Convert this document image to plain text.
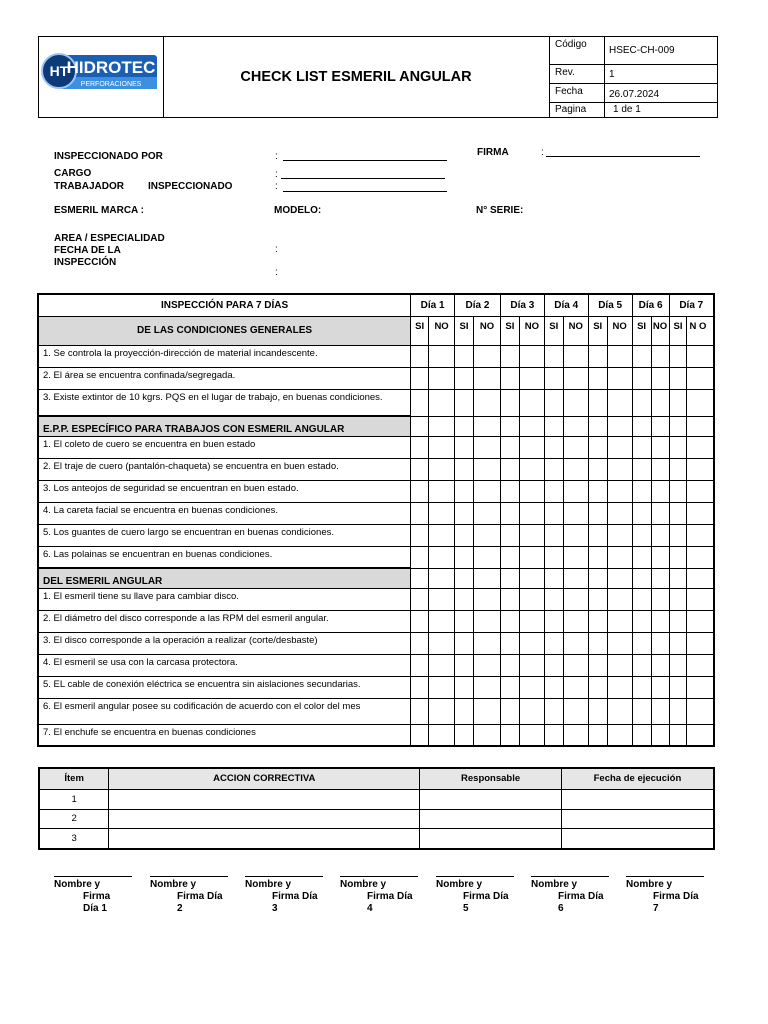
HT
HIDROTEC
PERFORACIONES	CHECK LIST ESMERIL ANGULAR
Código
HSEC-CH-009
Rev.	1
Fecha	26.07.2024
Pagina	1 de 1
INSPECCIONADO POR	:	FIRMA	:
CARGO	:
TRABAJADOR INSPECCIONADO	:
ESMERIL MARCA :	MODELO:	N° SERIE:
AREA / ESPECIALIDAD
FECHA DE LA	:
INSPECCIÓN
:
INSPECCIÓN PARA 7 DÍAS	Día 1		Día 2		Día 3		Día 4		Día 5		Día 6		Día 7	
DE LAS CONDICIONES GENERALES	SI	NO	SI	NO	SI	NO	SI	NO	SI	NO	SI	NO	SI	N O
1. Se controla la proyección-dirección de material incandescente.														
2. El área se encuentra confinada/segregada.														
3. Existe extintor de 10 kgrs. PQS en el lugar de trabajo, en buenas condiciones.														
E.P.P. ESPECÍFICO PARA TRABAJOS CON ESMERIL ANGULAR														
1. El coleto de cuero se encuentra en buen estado														
2. El traje de cuero (pantalón-chaqueta) se encuentra en buen estado.														
3. Los anteojos de seguridad se encuentran en buen estado.														
4. La careta facial se encuentra en buenas condiciones.														
5. Los guantes de cuero largo se encuentran en buenas condiciones.														
6. Las polainas se encuentran en buenas condiciones.														
DEL ESMERIL ANGULAR														
1. El esmeril tiene su llave para cambiar disco.														
2. El diámetro del disco corresponde a las RPM del esmeril angular.														
3. El disco corresponde a la operación a realizar (corte/desbaste)														
4. El esmeril se usa con la carcasa protectora.														
5. EL cable de conexión eléctrica se encuentra sin aislaciones secundarias.														
6. El esmeril angular posee su codificación de acuerdo con el color del mes														
7. El enchufe se encuentra en buenas condiciones														
Ítem	ACCION CORRECTIVA	Responsable	Fecha de ejecución
1			
2			
3			
Nombre y
Firma
Día 1
Nombre y
Firma Día
2
Nombre y
Firma Día
3
Nombre y
Firma Día
4
Nombre y
Firma Día
5
Nombre y
Firma Día
6
Nombre y
Firma Día
7
